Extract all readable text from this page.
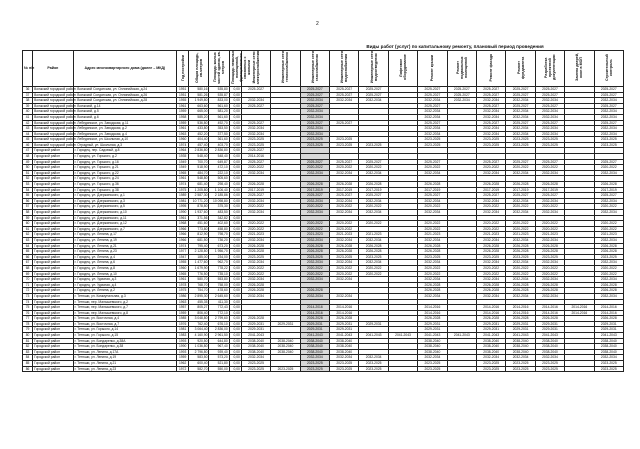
2
Виды работ (услуг) по капитальному ремонту, плановый период проведения
№ п/п	Район	Адрес многоквартирного дома (далее – МКД)	Год постройки	Общая площадь, кв.метров	Площадь жилых частей здания, кв. метров	Площадь нежилых помещений, функционально связанных с жилыми	Инженерные сети электроснабжения	Инженерные сети теплоснабжения	Инженерные сети газоснабжения	Инженерные сети водоснабжения	Инженерные сети водоотведения	Лифтовое оборудование	Ремонт крыши	Ремонт подвальных помещений	Ремонт фасада	Ремонт фундамента	Разработка проектной документации	Замена дверей, окон в МОП	Строительный контроль
36	Волжский городской район	г. Волжский Солдатская, ул. Оллинийская, д.24	1951	580,16	535,80	0,00	2025-2027		2025-2027	2025-2027	2025-2027		2025-2027	2025-2027	2025-2027	2025-2027	2025-2027		2025-2027
37	Волжский городской район	г. Волжский Солдатская, ул. Оллинийская, д.26	1951	581,26	535,87	0,00			2025-2027	2025-2027	2025-2027		2025-2027	2025-2027	2025-2027	2025-2027	2025-2027		2025-2027
38	Волжский городской район	г. Волжский Солдатская, ул. Оллинийская, д.28	1955	1 949,80	833,00	0,00	2032-2034		2032-2034	2032-2034	2032-2034		2032-2034	2032-2034	2032-2034	2032-2034	2032-2034		2032-2034
39	Волжский городской район	г. Волжский, д.14	1961	663,60	561,60	0,00	2025-2027		2025-2027				2025-2027		2025-2027	2025-2027	2025-2027		2025-2027
40	Волжский городской район	г. Волжский, д.5	1959	665,00	581,20	0,00			2032-2034				2032-2034		2032-2034	2032-2034	2032-2034		2032-2034
41	Волжский городской район	г. Волжский, д.6	1958	585,20	561,60	0,00			2032-2034				2032-2034		2032-2034	2032-2034	2032-2034		2032-2034
42	Волжский городской район	г. Лебедянское, ул. Заводская, д.11	1959	536,80	492,70	0,00	2025-2027		2025-2027	2025-2027			2025-2027		2025-2027	2025-2027	2025-2027		2025-2027
43	Волжский городской район	г. Лебедянское, ул. Заводская, д.2	1961	433,80	353,50	0,00	2032-2034		2032-2034				2032-2034		2032-2034	2032-2034	2032-2034		2032-2034
44	Волжский городской район	г. Лебедянское, ул. Заводская, д.4	1963	452,20	377,50	0,00	2032-2034		2032-2034				2032-2034		2032-2034	2032-2034	2032-2034		2032-2034
45	Волжский городской район	г. Лебедянское, ул. Школьная, д.10	1960	404,40	361,60	0,00	2023-2025		2023-2025	2023-2025			2023-2025		2023-2025	2023-2025	2023-2025		2023-2025
46	Волжский городской район	г. Отрадный, ул. Школьная, д.3	1974	457,40	403,70	0,00	2023-2025		2023-2025	2023-2025	2023-2025		2023-2025		2023-2025	2023-2025	2023-2025		2023-2025
47	Городской район	г. Городец, пер. Садовый, д.8	1964	2 836,80	2 836,80	0,00	2025-2027												
48	Городской район	г. Городец, ул. Горького, д.2	1935	548,40	548,40	0,00	2014-2016												
49	Городской район	г. Городец, ул. Горького, д.16	1949	700,70	649,87	0,00	2025-2027		2025-2027	2025-2027	2025-2027		2025-2027		2025-2027	2025-2027	2025-2027		2025-2027
50	Городской район	г. Городец, ул. Горького, д.21	1949	518,90	472,10	0,00	2020-2022		2020-2022	2020-2022	2020-2022		2020-2022		2020-2022	2020-2022	2020-2022		2020-2022
51	Городской район	г. Городец, ул. Горького, д.22	1965	484,70	222,10	0,00	2032-2034		2032-2034	2032-2034	2032-2034		2032-2034		2032-2034	2032-2034	2032-2034		2032-2034
52	Городской район	г. Городец, ул. Горького, д.24	1961	548,80	505,60	0,00													
53	Городской район	г. Городец, ул. Горького, д.36	1974	681,40	298,40	0,00	2026-2028		2026-2028	2026-2028	2026-2028		2026-2028		2026-2028	2026-2028	2026-2028		2026-2028
54	Городской район	г. Городец, ул. Горького, д.38	1975	1 205,80	1 106,40	0,00	2017-2019		2017-2019	2017-2019	2017-2019		2017-2019		2017-2019	2017-2019	2017-2019		2017-2019
55	Городской район	г. Городец, ул. Дзержинского, д.1	1989	2 587,30	2 185,86	0,00	2025-2027		2025-2027	2025-2027	2025-2027		2025-2027		2025-2027	2025-2027	2025-2027		2025-2027
56	Городской район	г. Городец, ул. Дзержинского, д.3	1981	10 771,20	10 098,80	0,00	2032-2034		2032-2034	2032-2034	2032-2034		2032-2034		2032-2034	2032-2034	2032-2034		2032-2034
57	Городской район	г. Городец, ул. Дзержинского, д.5	1995	878,80	375,30	0,00	2020-2022		2020-2022	2020-2022	2020-2022		2020-2022		2020-2022	2020-2022	2020-2022		2020-2022
58	Городской район	г. Городец, ул. Дзержинского, д.10	1990	1 937,60	483,50	0,00	2032-2034		2032-2034	2032-2034	2032-2034		2032-2034		2032-2034	2032-2034	2032-2034		2032-2034
59	Городской район	г. Городец, ул. Дзержинского, д.11	1961	371,56	342,82	0,00													
60	Городской район	г. Городец, ул. Дзержинского, д.12	1968	451,60	402,60	0,00	2020-2022		2020-2022	2020-2022	2020-2022		2020-2022		2020-2022	2020-2022	2020-2022		2020-2022
61	Городской район	г. Городец, ул. Дзержинского, д.7	1966	773,80	458,80	0,00	2020-2022		2020-2022	2020-2022			2020-2022		2020-2022	2020-2022	2020-2022		2020-2022
62	Городской район	г. Городец, ул. Ленина, д.17	1966	812,90	798,70	0,00	2021-2023		2021-2023	2021-2023	2021-2023		2021-2023		2021-2023	2021-2023	2021-2023		2021-2023
63	Городской район	г. Городец, ул. Ленина, д.19	1966	681,50	736,20	0,00	2032-2034		2032-2034	2032-2034	2032-2034		2032-2034		2032-2034	2032-2034	2032-2034		2032-2034
64	Городской район	г. Городец, ул. Ленина, д.21	1974	795,40	673,20	0,00	2026-2028		2026-2028	2026-2028	2026-2028		2026-2028		2026-2028	2026-2028	2026-2028		2026-2028
65	Городской район	г. Городец, ул. Ленина, д.23	1977	2 128,80	1 956,70	0,00	2026-2028		2026-2028	2026-2028	2026-2028		2026-2028		2026-2028	2026-2028	2026-2028		2026-2028
66	Городской район	г. Городец, ул. Ленина, д.4	1947	185,00	234,00	0,00	2023-2025		2023-2025	2023-2025	2023-2025		2023-2025		2023-2025	2023-2025	2023-2025		2023-2025
67	Городской район	г. Городец, ул. Ленина, д.6	1955	1 477,60	962,70	0,00	2032-2034		2032-2034	2032-2034	2032-2034		2032-2034		2032-2034	2032-2034	2032-2034		2032-2034
68	Городской район	г. Городец, ул. Ленина, д.8	1960	1 679,90	778,22	0,00	2020-2022		2020-2022	2020-2022	2020-2022		2020-2022		2020-2022	2020-2022	2020-2022		2020-2022
69	Городской район	г. Городец, ул. Ленина, д.10	1965	776,50	735,10	0,00	2020-2022		2020-2022	2020-2022	2020-2022		2020-2022		2020-2022	2020-2022	2020-2022		2020-2022
70	Городской район	г. Городец, ул. Удачная, д.3	1961	580,70	553,80	0,00	2032-2034		2032-2034	2032-2034			2032-2034		2032-2034	2032-2034	2032-2034		2032-2034
71	Городской район	г. Городец, ул. Удачная, д.4	1978	768,70	758,00	0,00	2026-2028						2026-2028		2026-2028	2026-2028	2026-2028		2026-2028
72	Городской район	г. Городец, ул. Ленина, д.2	1975	754,70	478,60	0,00	2026-2028		2026-2028				2026-2028		2026-2028	2026-2028	2026-2028		2026-2028
73	Городской район	г. Тетюши, ул. Коммунальная, д.3	1986	2 895,30	2 645,60	0,00	2032-2034		2032-2034	2032-2034			2032-2034		2032-2034	2032-2034	2032-2034		2032-2034
74	Городской район	г. Тетюши, пер. Малышевского, д.2	1963	455,35	411,30	0,00													
75	Городской район	г. Тетюши, пер. Малышевского, д.7	1957	805,27	772,43	0,00			2014-2016	2014-2016			2014-2016		2014-2016	2014-2016	2014-2016	2014-2016	2014-2016
76	Городской район	г. Тетюши, пер. Малышевского, д.8	1959	806,40	772,10	0,00			2014-2016	2014-2016			2014-2016		2014-2016	2014-2016	2014-2016	2014-2016	2014-2016
77	Городской район	г. Тетюши, ул. Восточная, д.4	1985	3 048,80	2 799,60	0,00	2026-2028		2026-2028	2026-2028			2026-2028		2026-2028	2026-2028	2026-2028		2026-2028
78	Городской район	г. Тетюши, ул. Восточная, д.7	1976	762,40	676,10	0,00	2029-2031	2029-2031	2029-2031	2029-2031	2029-2031		2029-2031		2029-2031	2029-2031	2029-2031		2029-2031
79	Городской район	г. Тетюши, ул. Горького, д.14	1981	3 064,40	2 836,00	0,00	2029-2031		2029-2031	2029-2031			2029-2031		2029-2031	2029-2031	2029-2031		2029-2031
80	Городской район	г. Тетюши, ул. Горького, д.15	1983	4 160,90	2 961,50	0,00	2041-2043		2041-2043	2041-2043	2041-2043	2041-2043	2041-2043	2041-2043	2041-2043	2041-2043	2041-2043		2041-2043
81	Городской район	г. Тетюши, ул. Бондаренко, д.38А	1993	920,50	644,80	0,00	2038-2040	2038-2040	2038-2040	2038-2040			2038-2040		2038-2040	2038-2040	2038-2040		2038-2040
82	Городской район	г. Тетюши, ул. Бондаренко, д.38	1990	1 036,80	967,40	0,00	2038-2040	2038-2040	2038-2040	2038-2040			2038-2040		2038-2040	2038-2040	2038-2040		2038-2040
83	Городской район	г. Тетюши, ул. Ленина, д.17А	1993	2 796,80	939,40	0,00	2038-2040	2038-2040	2038-2040	2038-2040			2038-2040		2038-2040	2038-2040	2038-2040		2038-2040
84	Городской район	г. Тетюши, ул. Ленина, д.19	1959	583,50	573,20	0,00	2032-2034		2032-2034	2032-2034	2032-2034		2032-2034		2032-2034	2032-2034	2032-2034		2032-2034
85	Городской район	г. Тетюши, ул. Ленина, д.21	1962	600,40	521,80	0,00	2023-2025		2023-2025	2023-2025	2023-2025		2023-2025		2023-2025	2023-2025	2023-2025		2023-2025
86	Городской район	г. Тетюши, ул. Ленина, д.23	1972	582,70	550,00	0,00	2023-2025	2023-2025	2023-2025	2023-2025	2023-2025		2023-2025		2023-2025	2023-2025	2023-2025		2023-2025
